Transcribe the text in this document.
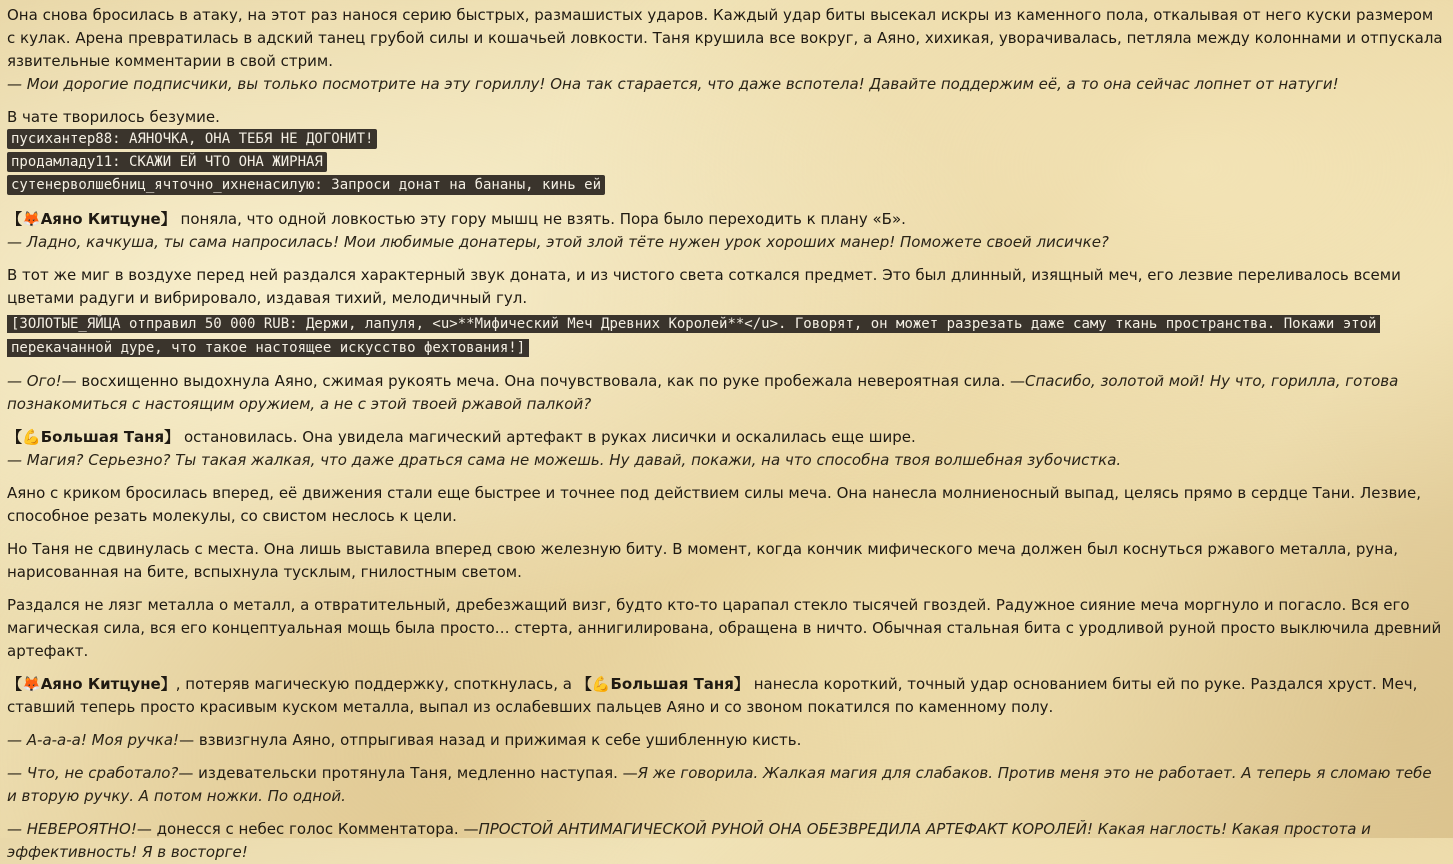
Она снова бросилась в атаку, на этот раз нанося серию быстрых, размашистых ударов. Каждый удар биты высекал искры из каменного пола, откалывая от него куски размером с кулак. Арена превратилась в адский танец грубой силы и кошачьей ловкости. Таня крушила все вокруг, а Аяно, хихикая, уворачивалась, петляла между колоннами и отпускала язвительные комментарии в свой стрим.
— Мои дорогие подписчики, вы только посмотрите на эту гориллу! Она так старается, что даже вспотела! Давайте поддержим её, а то она сейчас лопнет от натуги!

В чате творилось безумие.
пусихантер88: АЯНОЧКА, ОНА ТЕБЯ НЕ ДОГОНИТ!
продамладу11: СКАЖИ ЕЙ ЧТО ОНА ЖИРНАЯ
сутенерволшебниц_ячточно_ихненасилую: Запроси донат на бананы, кинь ей

【🦊Аяно Китцуне】 поняла, что одной ловкостью эту гору мышц не взять. Пора было переходить к плану «Б».
— Ладно, качкуша, ты сама напросилась! Мои любимые донатеры, этой злой тёте нужен урок хороших манер! Поможете своей лисичке?

В тот же миг в воздухе перед ней раздался характерный звук доната, и из чистого света соткался предмет. Это был длинный, изящный меч, его лезвие переливалось всеми цветами радуги и вибрировало, издавая тихий, мелодичный гул.

[ЗОЛОТЫЕ_ЯЙЦА отправил 50 000 RUB: Держи, лапуля, <u>**Мифический Меч Древних Королей**</u>. Говорят, он может разрезать даже саму ткань пространства. Покажи этой перекачанной дуре, что такое настоящее искусство фехтования!]

— Ого!— восхищенно выдохнула Аяно, сжимая рукоять меча. Она почувствовала, как по руке пробежала невероятная сила. —Спасибо, золотой мой! Ну что, горилла, готова познакомиться с настоящим оружием, а не с этой твоей ржавой палкой?

【💪Большая Таня】 остановилась. Она увидела магический артефакт в руках лисички и оскалилась еще шире.
— Магия? Серьезно? Ты такая жалкая, что даже драться сама не можешь. Ну давай, покажи, на что способна твоя волшебная зубочистка.

Аяно с криком бросилась вперед, её движения стали еще быстрее и точнее под действием силы меча. Она нанесла молниеносный выпад, целясь прямо в сердце Тани. Лезвие, способное резать молекулы, со свистом неслось к цели.

Но Таня не сдвинулась с места. Она лишь выставила вперед свою железную биту. В момент, когда кончик мифического меча должен был коснуться ржавого металла, руна, нарисованная на бите, вспыхнула тусклым, гнилостным светом.

Раздался не лязг металла о металл, а отвратительный, дребезжащий визг, будто кто-то царапал стекло тысячей гвоздей. Радужное сияние меча моргнуло и погасло. Вся его магическая сила, вся его концептуальная мощь была просто… стерта, аннигилирована, обращена в ничто. Обычная стальная бита с уродливой руной просто выключила древний артефакт.

【🦊Аяно Китцуне】, потеряв магическую поддержку, споткнулась, а 【💪Большая Таня】 нанесла короткий, точный удар основанием биты ей по руке. Раздался хруст. Меч, ставший теперь просто красивым куском металла, выпал из ослабевших пальцев Аяно и со звоном покатился по каменному полу.

— А-а-а-а! Моя ручка!— взвизгнула Аяно, отпрыгивая назад и прижимая к себе ушибленную кисть.

— Что, не сработало?— издевательски протянула Таня, медленно наступая. —Я же говорила. Жалкая магия для слабаков. Против меня это не работает. А теперь я сломаю тебе и вторую ручку. А потом ножки. По одной.

— НЕВЕРОЯТНО!— донесся с небес голос Комментатора. —ПРОСТОЙ АНТИМАГИЧЕСКОЙ РУНОЙ ОНА ОБЕЗВРЕДИЛА АРТЕФАКТ КОРОЛЕЙ! Какая наглость! Какая простота и эффективность! Я в восторге!
